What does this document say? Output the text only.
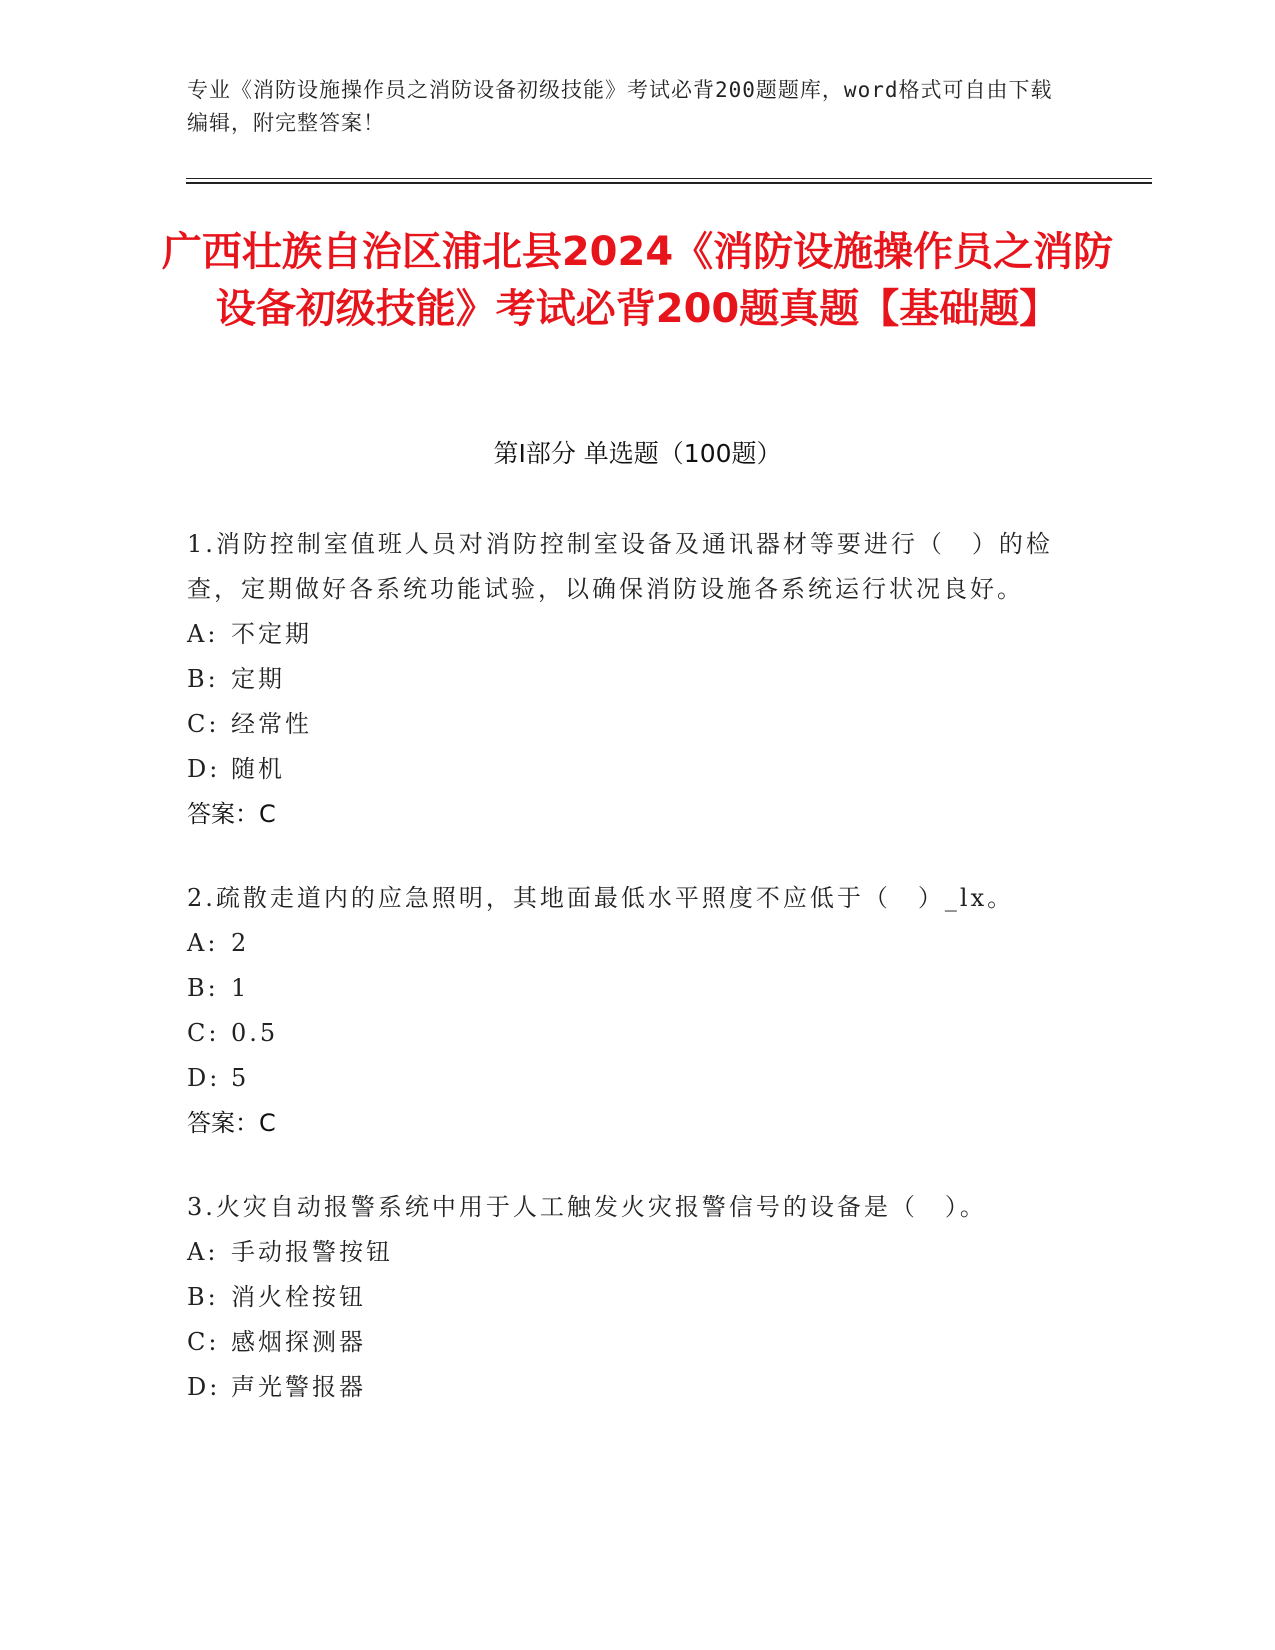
专业《消防设施操作员之消防设备初级技能》考试必背200题题库，word格式可自由下载编辑，附完整答案！
广西壮族自治区浦北县2024《消防设施操作员之消防设备初级技能》考试必背200题真题【基础题】
第Ⅰ部分 单选题（100题）
1.消防控制室值班人员对消防控制室设备及通讯器材等要进行（　）的检查，定期做好各系统功能试验，以确保消防设施各系统运行状况良好。
A: 不定期
B: 定期
C: 经常性
D: 随机
答案：C
2.疏散走道内的应急照明，其地面最低水平照度不应低于（　）_lx。
A: 2
B: 1
C: 0.5
D: 5
答案：C
3.火灾自动报警系统中用于人工触发火灾报警信号的设备是（　）。
A: 手动报警按钮
B: 消火栓按钮
C: 感烟探测器
D: 声光警报器
